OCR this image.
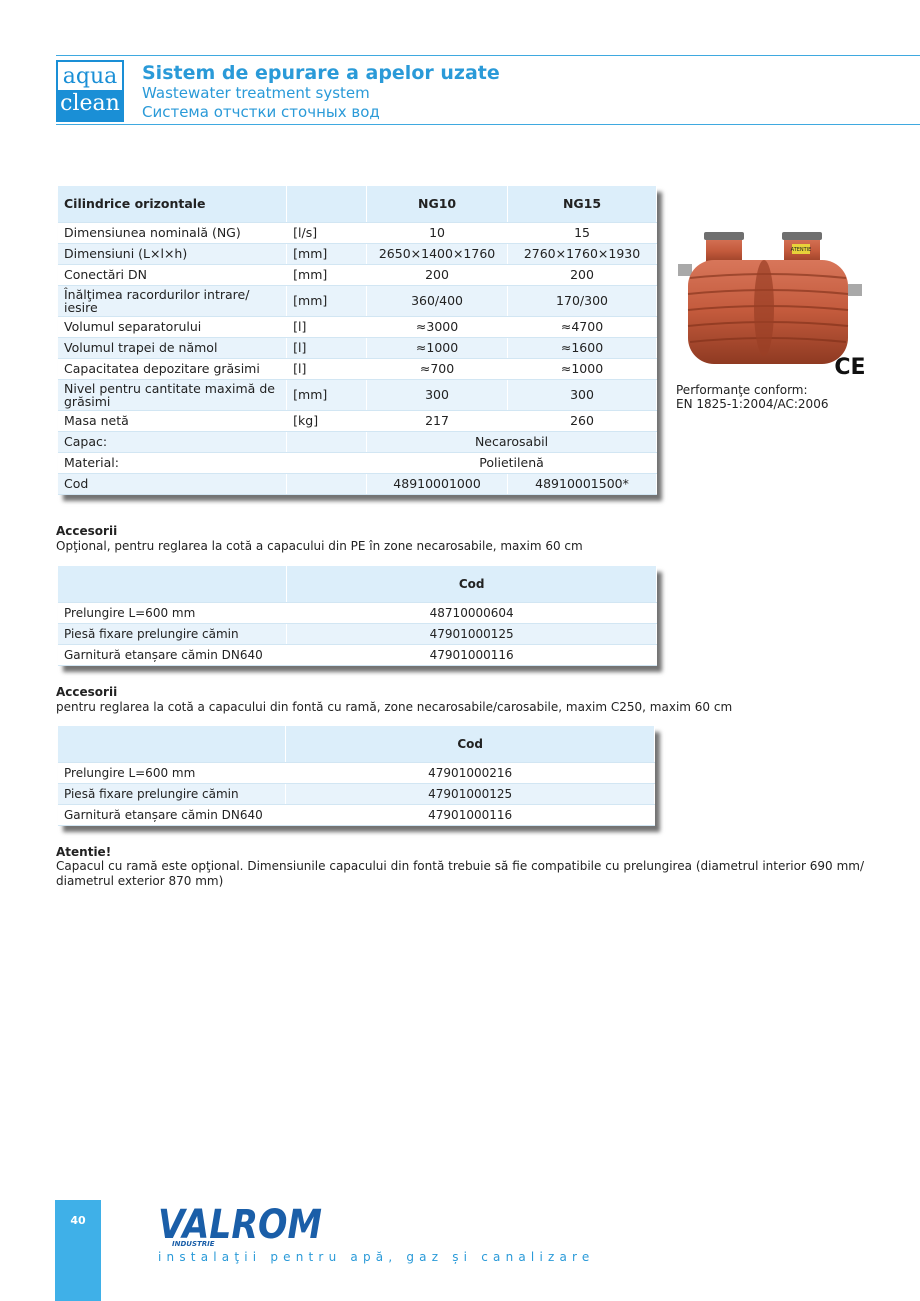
aqua
clean
Sistem de epurare a apelor uzate
Wastewater treatment system
Система отчстки сточных вод
Cilindrice orizontale		NG10	NG15
Dimensiunea nominală (NG)	[l/s]	10	15
Dimensiuni (L×l×h)	[mm]	2650×1400×1760	2760×1760×1930
Conectări DN	[mm]	200	200
Înălţimea racordurilor intrare/ iesire	[mm]	360/400	170/300
Volumul separatorului	[l]	≈3000	≈4700
Volumul trapei de nămol	[l]	≈1000	≈1600
Capacitatea depozitare grăsimi	[l]	≈700	≈1000
Nivel pentru cantitate maximă de grăsimi	[mm]	300	300
Masa netă	[kg]	217	260
Capac:		Necarosabil	
Material:		Polietilenă	
Cod		48910001000	48910001500*
ATENTIE
CE
Performanţe conform:
EN 1825-1:2004/AC:2006
Accesorii
Opţional, pentru reglarea la cotă a capacului din PE în zone necarosabile, maxim 60 cm
	Cod
Prelungire L=600 mm	48710000604
Piesă fixare prelungire cămin	47901000125
Garnitură etanșare cămin DN640	47901000116
Accesorii
pentru reglarea la cotă a capacului din fontă cu ramă, zone necarosabile/carosabile, maxim C250, maxim 60 cm
	Cod
Prelungire L=600 mm	47901000216
Piesă fixare prelungire cămin	47901000125
Garnitură etanșare cămin DN640	47901000116
Atentie!
Capacul cu ramă este opţional. Dimensiunile capacului din fontă trebuie să fie compatibile cu prelungirea (diametrul interior 690 mm/ diametrul exterior 870 mm)
40	VALROM
INDUSTRIE
instalaţii pentru apă, gaz și canalizare
